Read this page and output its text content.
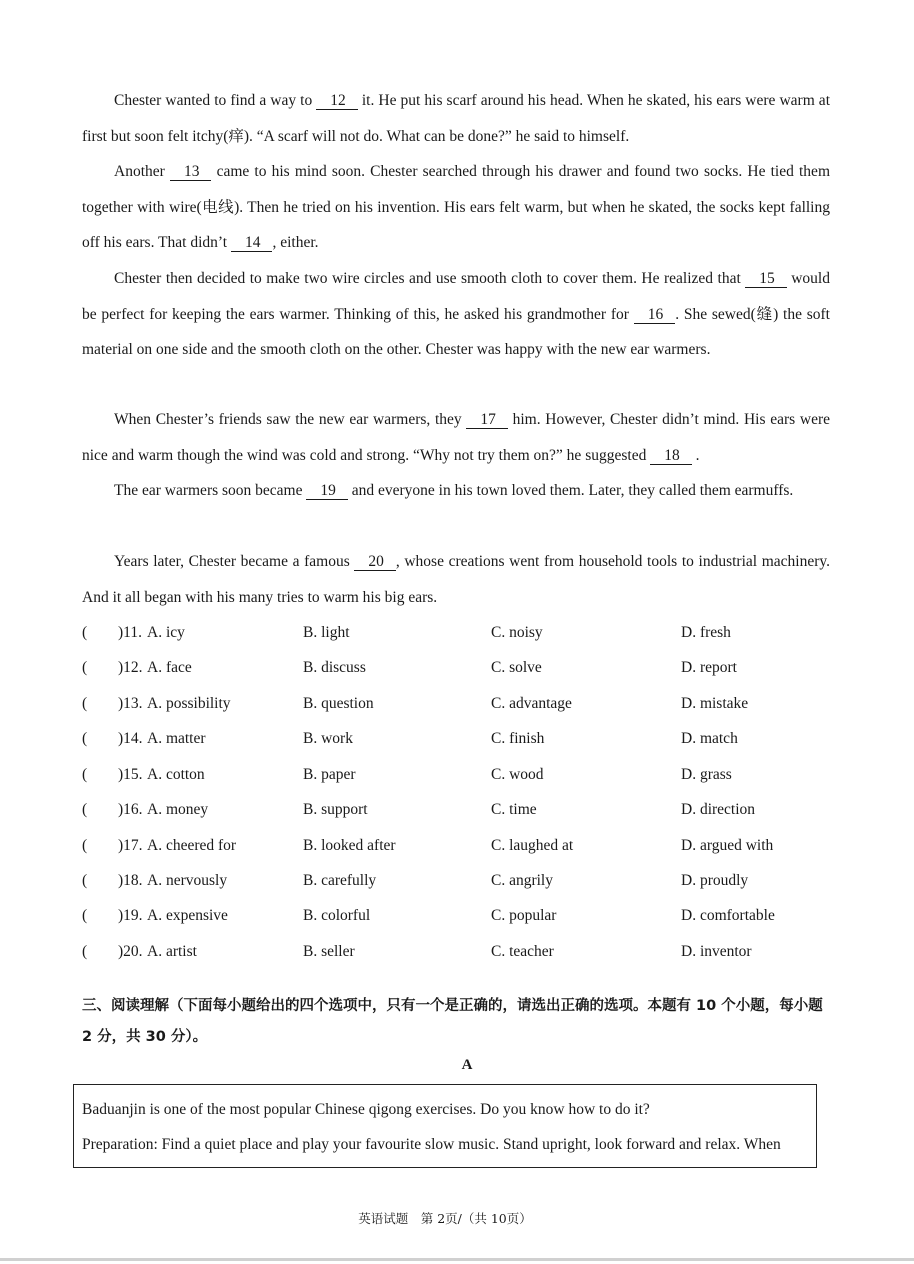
Chester wanted to find a way to 12 it. He put his scarf around his head. When he skated, his ears were warm at first but soon felt itchy(痒). “A scarf will not do. What can be done?” he said to himself.

Another 13 came to his mind soon. Chester searched through his drawer and found two socks. He tied them together with wire(电线). Then he tried on his invention. His ears felt warm, but when he skated, the socks kept falling off his ears. That didn’t 14 , either.

Chester then decided to make two wire circles and use smooth cloth to cover them. He realized that 15 would be perfect for keeping the ears warmer. Thinking of this, he asked his grandmother for 16 . She sewed(缝) the soft material on one side and the smooth cloth on the other. Chester was happy with the new ear warmers.

When Chester’s friends saw the new ear warmers, they 17 him. However, Chester didn’t mind. His ears were nice and warm though the wind was cold and strong. “Why not try them on?” he suggested 18 .

The ear warmers soon became 19 and everyone in his town loved them. Later, they called them earmuffs.

Years later, Chester became a famous 20 , whose creations went from household tools to industrial machinery. And it all began with his many tries to warm his big ears.

( )11. A. icy	B. light	C. noisy	D. fresh
( )12. A. face	B. discuss	C. solve	D. report
( )13. A. possibility	B. question	C. advantage	D. mistake
( )14. A. matter	B. work	C. finish	D. match
( )15. A. cotton	B. paper	C. wood	D. grass
( )16. A. money	B. support	C. time	D. direction
( )17. A. cheered for	B. looked after	C. laughed at	D. argued with
( )18. A. nervously	B. carefully	C. angrily	D. proudly
( )19. A. expensive	B. colorful	C. popular	D. comfortable
( )20. A. artist	B. seller	C. teacher	D. inventor

三、阅读理解（下面每小题给出的四个选项中，只有一个是正确的，请选出正确的选项。本题有 10 个小题，每小题 2 分，共 30 分）。

A

Baduanjin is one of the most popular Chinese qigong exercises. Do you know how to do it?

Preparation: Find a quiet place and play your favourite slow music. Stand upright, look forward and relax. When

英语试题　第 2页/（共 10页）
